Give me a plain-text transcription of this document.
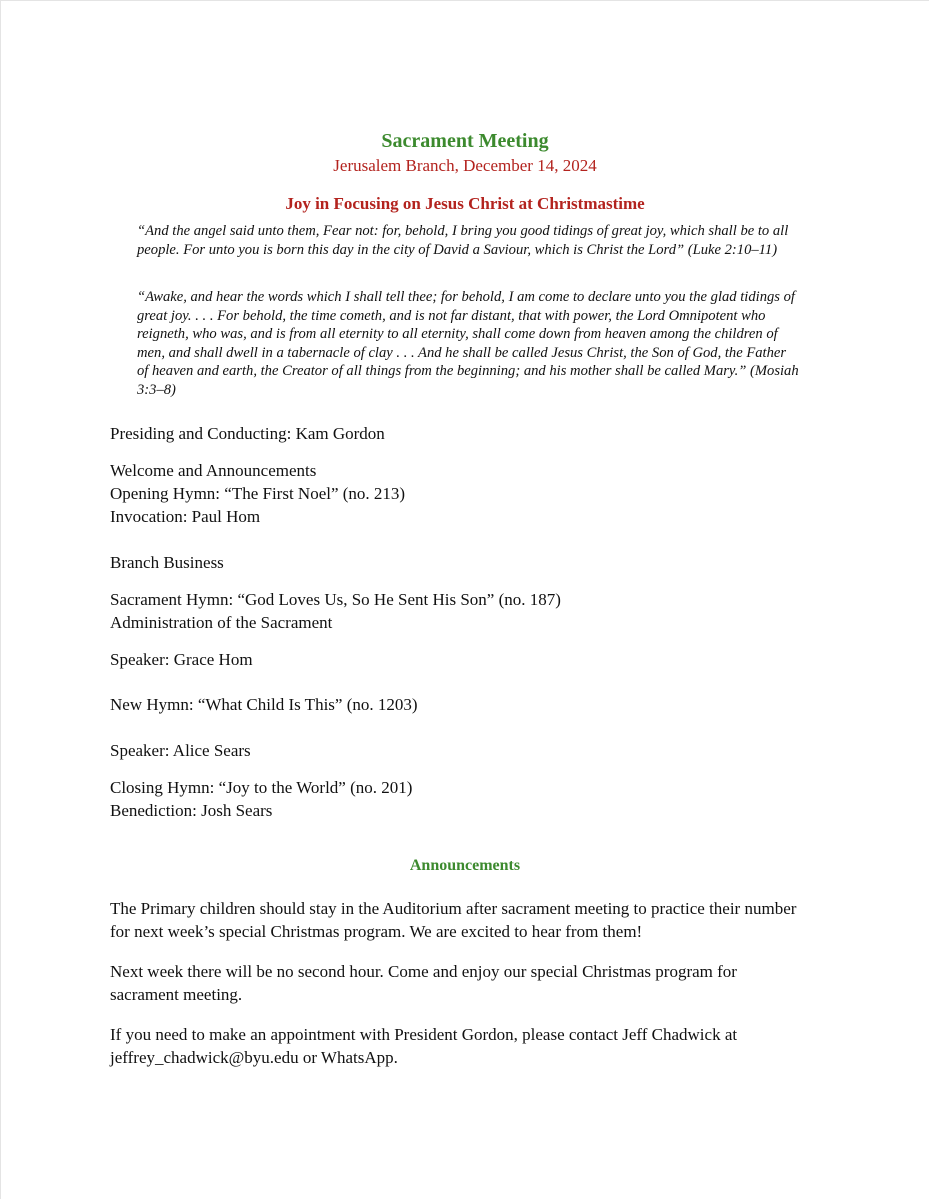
Sacrament Meeting
Jerusalem Branch, December 14, 2024
Joy in Focusing on Jesus Christ at Christmastime

“And the angel said unto them, Fear not: for, behold, I bring you good tidings of great joy, which shall be to all people. For unto you is born this day in the city of David a Saviour, which is Christ the Lord” (Luke 2:10–11)

“Awake, and hear the words which I shall tell thee; for behold, I am come to declare unto you the glad tidings of great joy. . . . For behold, the time cometh, and is not far distant, that with power, the Lord Omnipotent who reigneth, who was, and is from all eternity to all eternity, shall come down from heaven among the children of men, and shall dwell in a tabernacle of clay . . . And he shall be called Jesus Christ, the Son of God, the Father of heaven and earth, the Creator of all things from the beginning; and his mother shall be called Mary.” (Mosiah 3:3–8)

Presiding and Conducting: Kam Gordon
Welcome and Announcements
Opening Hymn: “The First Noel” (no. 213)
Invocation: Paul Hom
Branch Business
Sacrament Hymn: “God Loves Us, So He Sent His Son” (no. 187)
Administration of the Sacrament
Speaker: Grace Hom
New Hymn: “What Child Is This” (no. 1203)
Speaker: Alice Sears
Closing Hymn: “Joy to the World” (no. 201)
Benediction: Josh Sears
Announcements

The Primary children should stay in the Auditorium after sacrament meeting to practice their number for next week’s special Christmas program. We are excited to hear from them!

Next week there will be no second hour. Come and enjoy our special Christmas program for sacrament meeting.

If you need to make an appointment with President Gordon, please contact Jeff Chadwick at jeffrey_chadwick@byu.edu or WhatsApp.
